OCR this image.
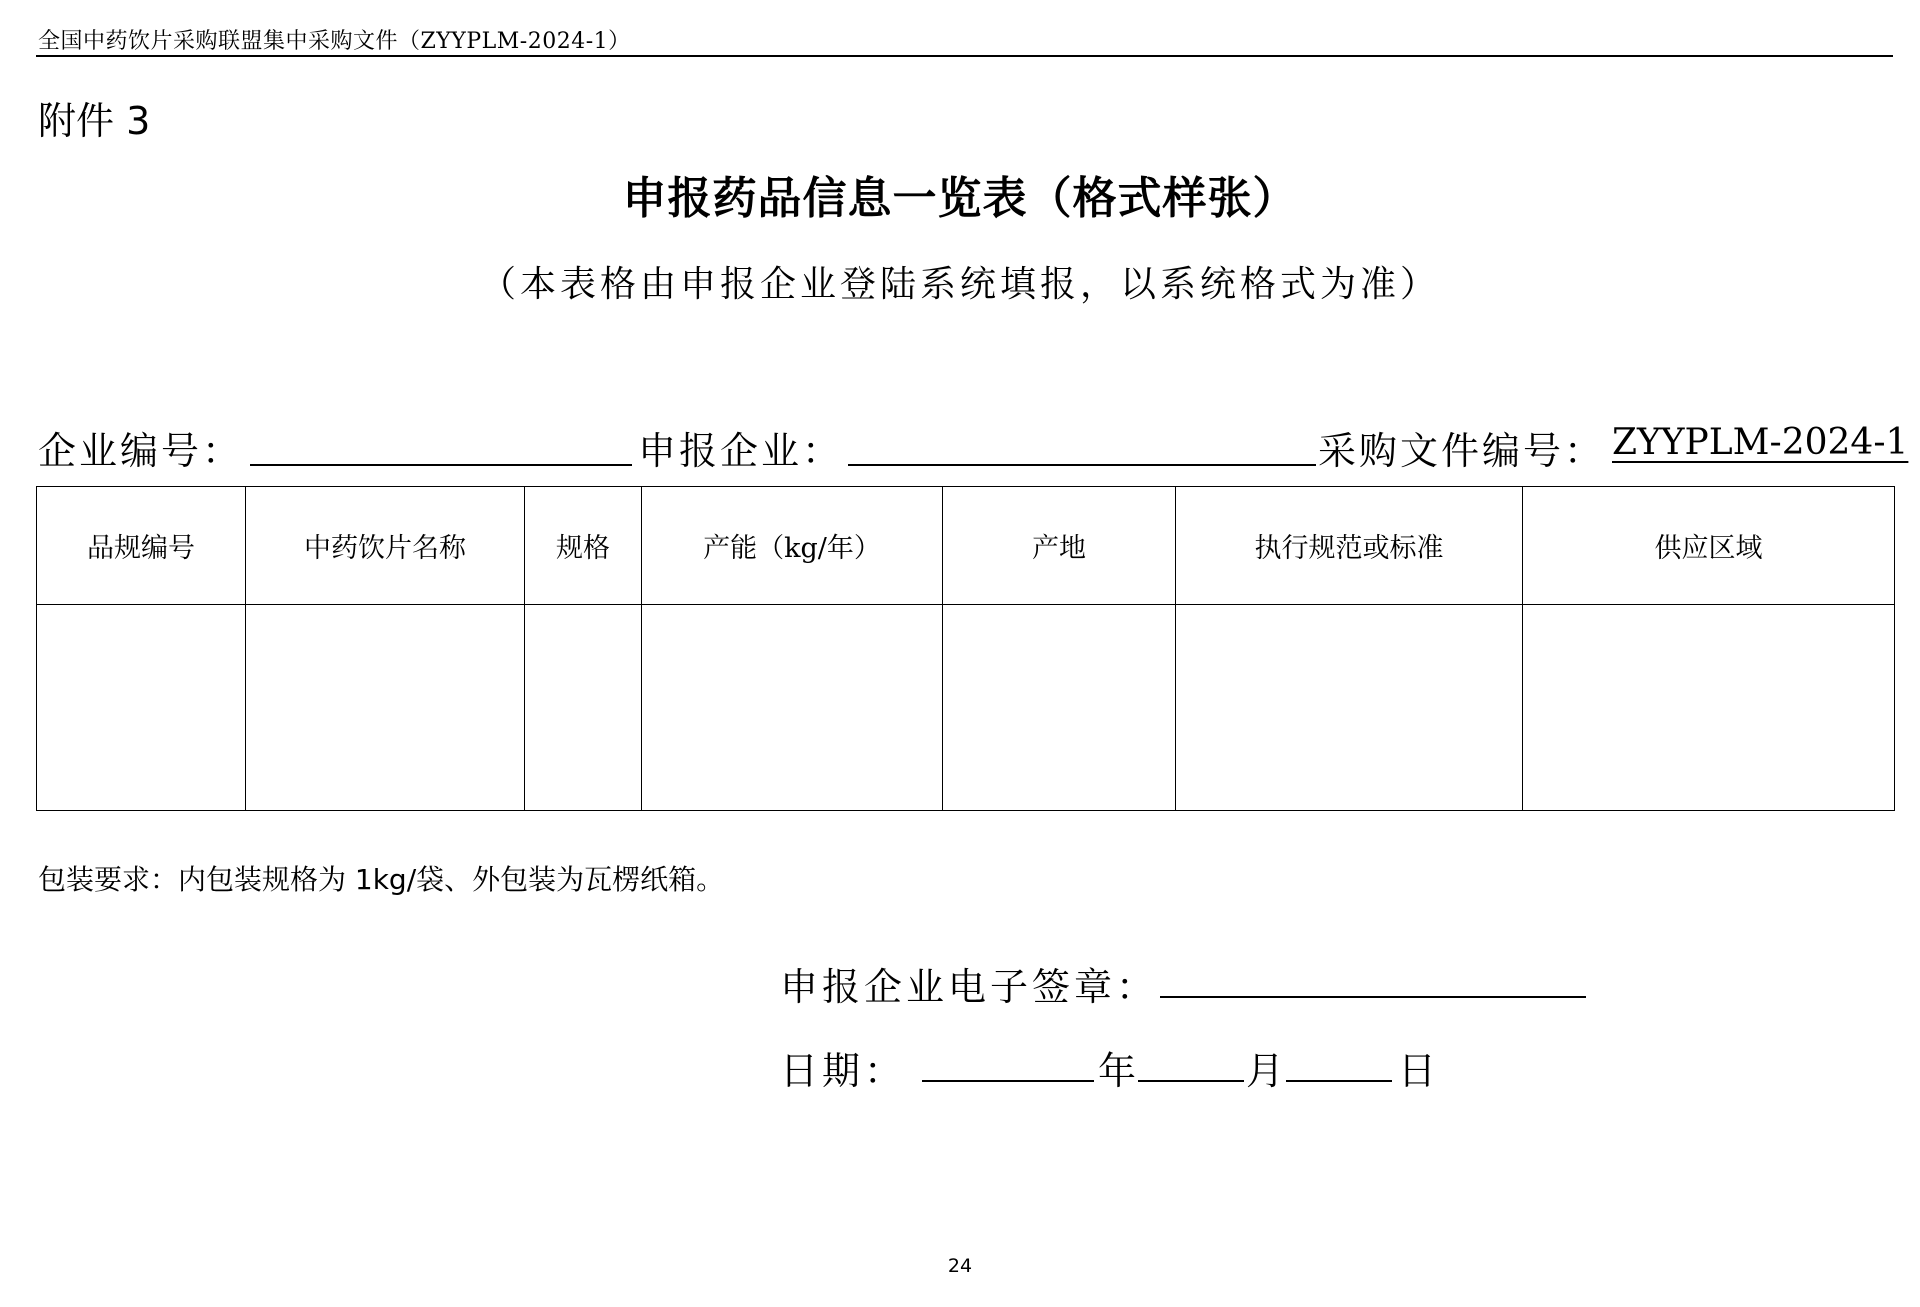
全国中药饮片采购联盟集中采购文件（ZYYPLM-2024-1）
附件 3
申报药品信息一览表（格式样张）
（本表格由申报企业登陆系统填报，以系统格式为准）
企业编号：	申报企业：	采购文件编号： ZYYPLM-2024-1
品规编号	中药饮片名称	规格	产能（kg/年）	产地	执行规范或标准	供应区域

包装要求：内包装规格为 1kg/袋、外包装为瓦楞纸箱。
申报企业电子签章：
日期：	年	月	日
24
